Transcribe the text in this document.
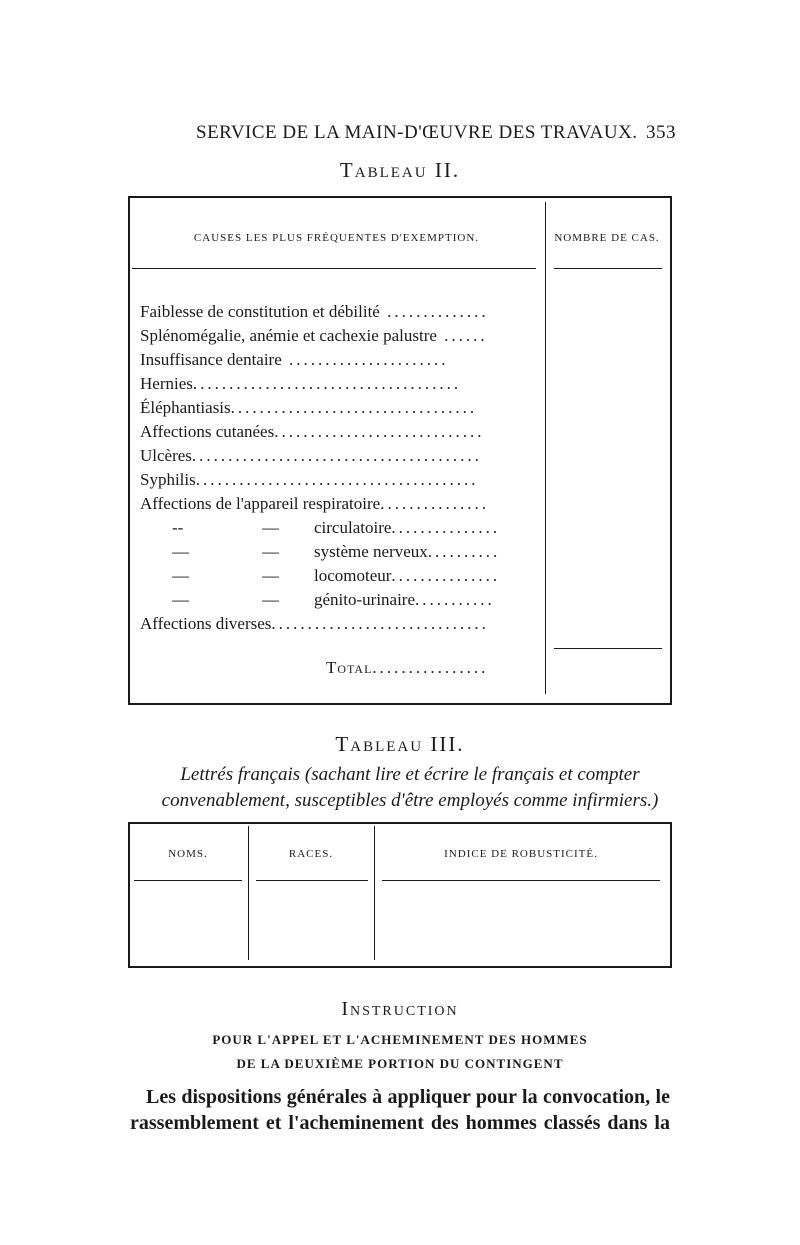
SERVICE DE LA MAIN-D'ŒUVRE DES TRAVAUX. 353
Tableau II.
CAUSES LES PLUS FRÉQUENTES D'EXEMPTION.	NOMBRE DE CAS.
Faiblesse de constitution et débilité ..............
Splénomégalie, anémie et cachexie palustre ......
Insuffisance dentaire ......................
Hernies.....................................
Éléphantiasis..................................
Affections cutanées.............................
Ulcères........................................
Syphilis.......................................
Affections de l'appareil respiratoire...............
--	—	circulatoire...............
—	—	système nerveux..........
—	—	locomoteur...............
—	—	génito-urinaire...........
Affections diverses..............................
Total................
Tableau III.
Lettrés français (sachant lire et écrire le français et compter
convenablement, susceptibles d'être employés comme infirmiers.)
NOMS.	RACES.	INDICE DE ROBUSTICITÉ.
Instruction
POUR L'APPEL ET L'ACHEMINEMENT DES HOMMES
DE LA DEUXIÈME PORTION DU CONTINGENT
Les dispositions générales à appliquer pour la convocation, le
rassemblement et l'acheminement des hommes classés dans la
